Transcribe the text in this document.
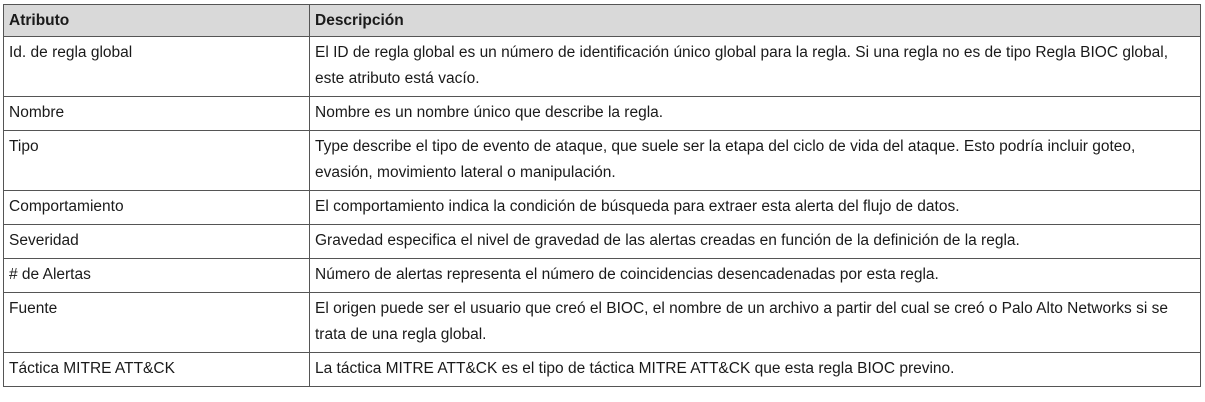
Atributo	Descripción
Id. de regla global	El ID de regla global es un número de identificación único global para la regla. Si una regla no es de tipo Regla BIOC global, este atributo está vacío.
Nombre	Nombre es un nombre único que describe la regla.
Tipo	Type describe el tipo de evento de ataque, que suele ser la etapa del ciclo de vida del ataque. Esto podría incluir goteo, evasión, movimiento lateral o manipulación.
Comportamiento	El comportamiento indica la condición de búsqueda para extraer esta alerta del flujo de datos.
Severidad	Gravedad especifica el nivel de gravedad de las alertas creadas en función de la definición de la regla.
# de Alertas	Número de alertas representa el número de coincidencias desencadenadas por esta regla.
Fuente	El origen puede ser el usuario que creó el BIOC, el nombre de un archivo a partir del cual se creó o Palo Alto Networks si se trata de una regla global.
Táctica MITRE ATT&CK	La táctica MITRE ATT&CK es el tipo de táctica MITRE ATT&CK que esta regla BIOC previno.
